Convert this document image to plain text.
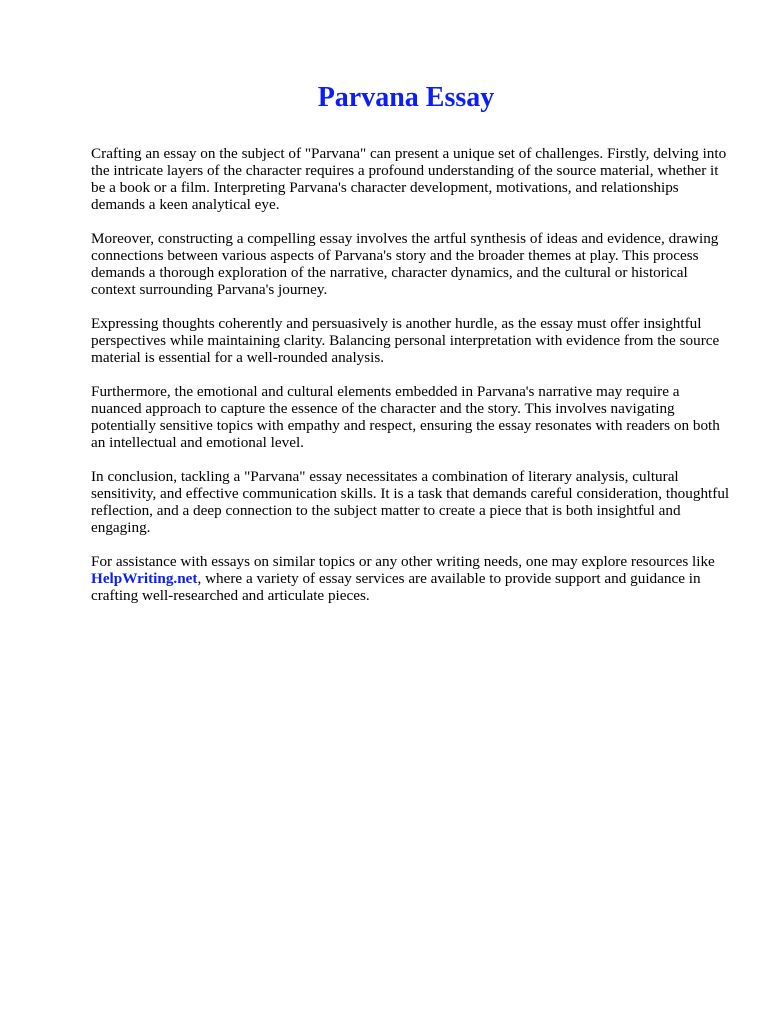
Parvana Essay

Crafting an essay on the subject of "Parvana" can present a unique set of challenges. Firstly, delving into the intricate layers of the character requires a profound understanding of the source material, whether it be a book or a film. Interpreting Parvana's character development, motivations, and relationships demands a keen analytical eye.

Moreover, constructing a compelling essay involves the artful synthesis of ideas and evidence, drawing connections between various aspects of Parvana's story and the broader themes at play. This process demands a thorough exploration of the narrative, character dynamics, and the cultural or historical context surrounding Parvana's journey.

Expressing thoughts coherently and persuasively is another hurdle, as the essay must offer insightful perspectives while maintaining clarity. Balancing personal interpretation with evidence from the source material is essential for a well-rounded analysis.

Furthermore, the emotional and cultural elements embedded in Parvana's narrative may require a nuanced approach to capture the essence of the character and the story. This involves navigating potentially sensitive topics with empathy and respect, ensuring the essay resonates with readers on both an intellectual and emotional level.

In conclusion, tackling a "Parvana" essay necessitates a combination of literary analysis, cultural sensitivity, and effective communication skills. It is a task that demands careful consideration, thoughtful reflection, and a deep connection to the subject matter to create a piece that is both insightful and engaging.

For assistance with essays on similar topics or any other writing needs, one may explore resources like HelpWriting.net, where a variety of essay services are available to provide support and guidance in crafting well-researched and articulate pieces.
